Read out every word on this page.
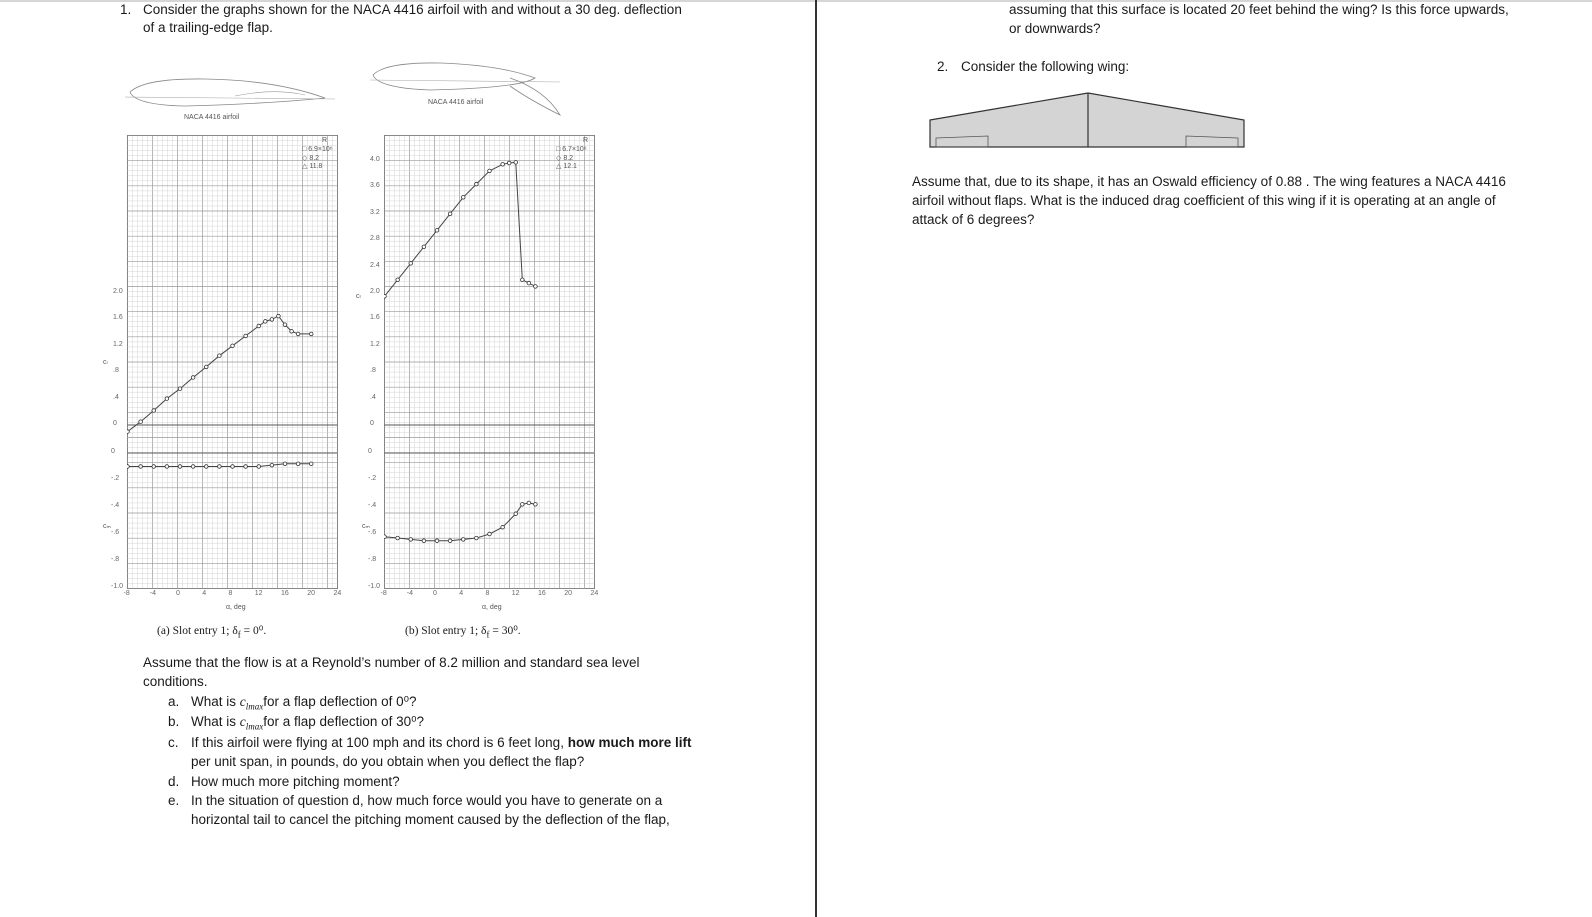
1. Consider the graphs shown for the NACA 4416 airfoil with and without a 30 deg. deflection
of a trailing-edge flap.
NACA 4416 airfoil
NACA 4416 airfoil
R
□ 6.9×10⁶
◇ 8.2
△ 11.8
R
□ 6.7×10⁶
◇ 8.2
△ 12.1
cₗ
cₘ
α, deg
cₗ
cₘ
α, deg
(a) Slot entry 1; $\delta_f = 0^0$.	(b) Slot entry 1; $\delta_f = 30^0$.
Assume that the flow is at a Reynold’s number of 8.2 million and standard sea level
conditions.
a. What is $c_{lmax}for$ a flap deflection of 0⁰?
b. What is $c_{lmax}for$ a flap deflection of 30⁰?
c. If this airfoil were flying at 100 mph and its chord is 6 feet long, how much more lift
per unit span, in pounds, do you obtain when you deflect the flap?
d. How much more pitching moment?
e. In the situation of question d, how much force would you have to generate on a
horizontal tail to cancel the pitching moment caused by the deflection of the flap,
assuming that this surface is located 20 feet behind the wing? Is this force upwards,
or downwards?
2. Consider the following wing:
Assume that, due to its shape, it has an Oswald efficiency of 0.88 . The wing features a NACA 4416
airfoil without flaps. What is the induced drag coefficient of this wing if it is operating at an angle of
attack of 6 degrees?
-8	-4	0	4	8	12	16	20	24
2.0
1.6
1.2
.8
.4
0
0
-.2
-.4
-.6
-.8
-1.0
-8	-4	0	4	8	12	16	20	24
4.0
3.6
3.2
2.8
2.4
2.0
1.6
1.2
.8
.4
0
0
-.2
-.4
-.6
-.8
-1.0
